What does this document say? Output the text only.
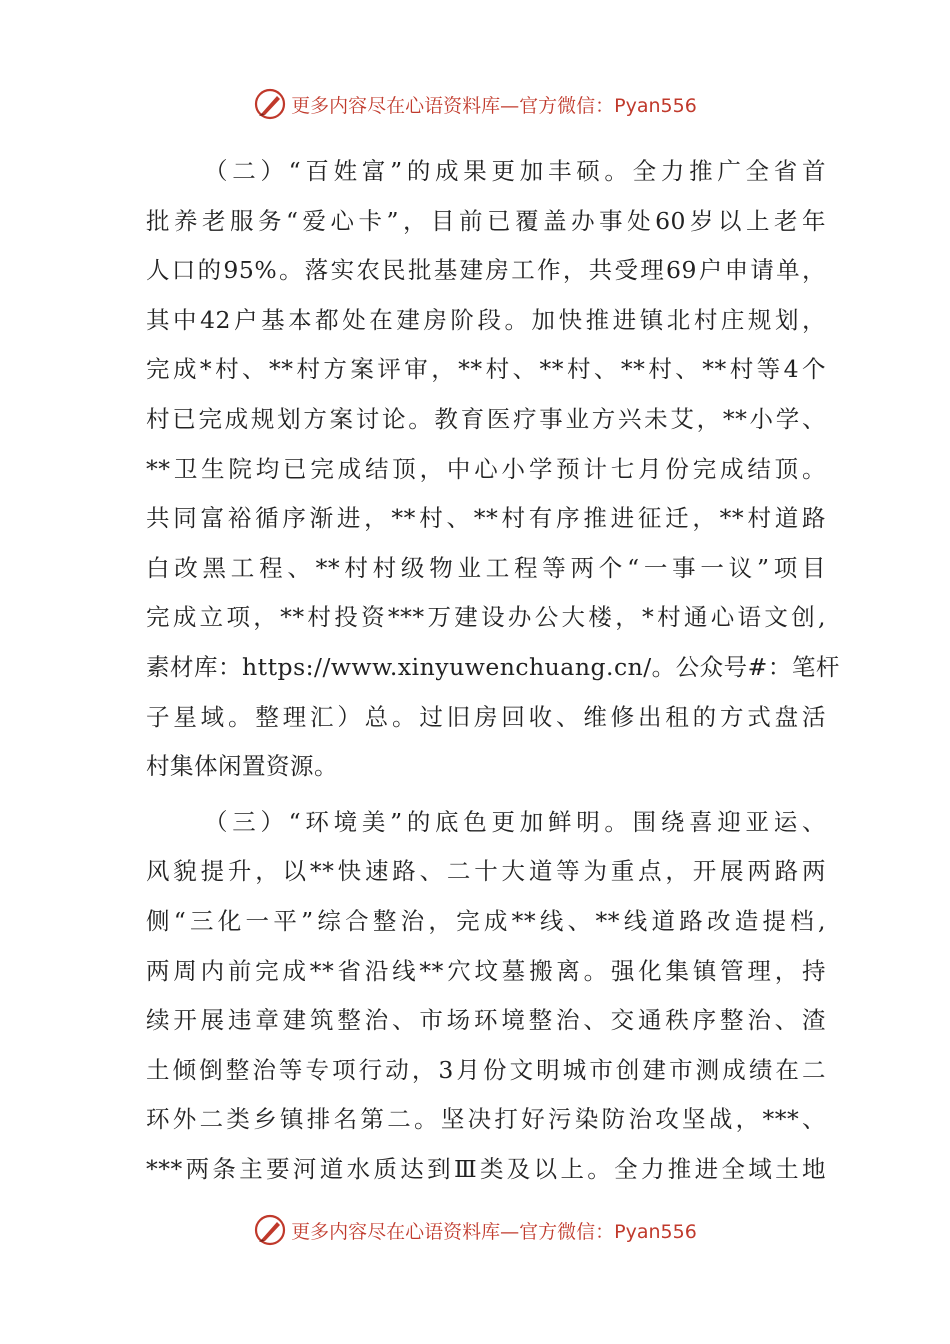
更多内容尽在心语资料库—官方微信：Pyan556
（二）“百姓富”的成果更加丰硕。全力推广全省首
批养老服务“爱心卡”，目前已覆盖办事处60岁以上老年
人口的95%。落实农民批基建房工作，共受理69户申请单，
其中42户基本都处在建房阶段。加快推进镇北村庄规划，
完成*村、**村方案评审，**村、**村、**村、**村等4个
村已完成规划方案讨论。教育医疗事业方兴未艾，**小学、
**卫生院均已完成结顶，中心小学预计七月份完成结顶。
共同富裕循序渐进，**村、**村有序推进征迁，**村道路
白改黑工程、**村村级物业工程等两个“一事一议”项目
完成立项，**村投资***万建设办公大楼，*村通心语文创,
素材库：https://www.xinyuwenchuang.cn/。公众号#：笔杆
子星域。整理汇）总。过旧房回收、维修出租的方式盘活
村集体闲置资源。
（三）“环境美”的底色更加鲜明。围绕喜迎亚运、
风貌提升，以**快速路、二十大道等为重点，开展两路两
侧“三化一平”综合整治，完成**线、**线道路改造提档,
两周内前完成**省沿线**穴坟墓搬离。强化集镇管理，持
续开展违章建筑整治、市场环境整治、交通秩序整治、渣
土倾倒整治等专项行动，3月份文明城市创建市测成绩在二
环外二类乡镇排名第二。坚决打好污染防治攻坚战，***、
***两条主要河道水质达到Ⅲ类及以上。全力推进全域土地
更多内容尽在心语资料库—官方微信：Pyan556
